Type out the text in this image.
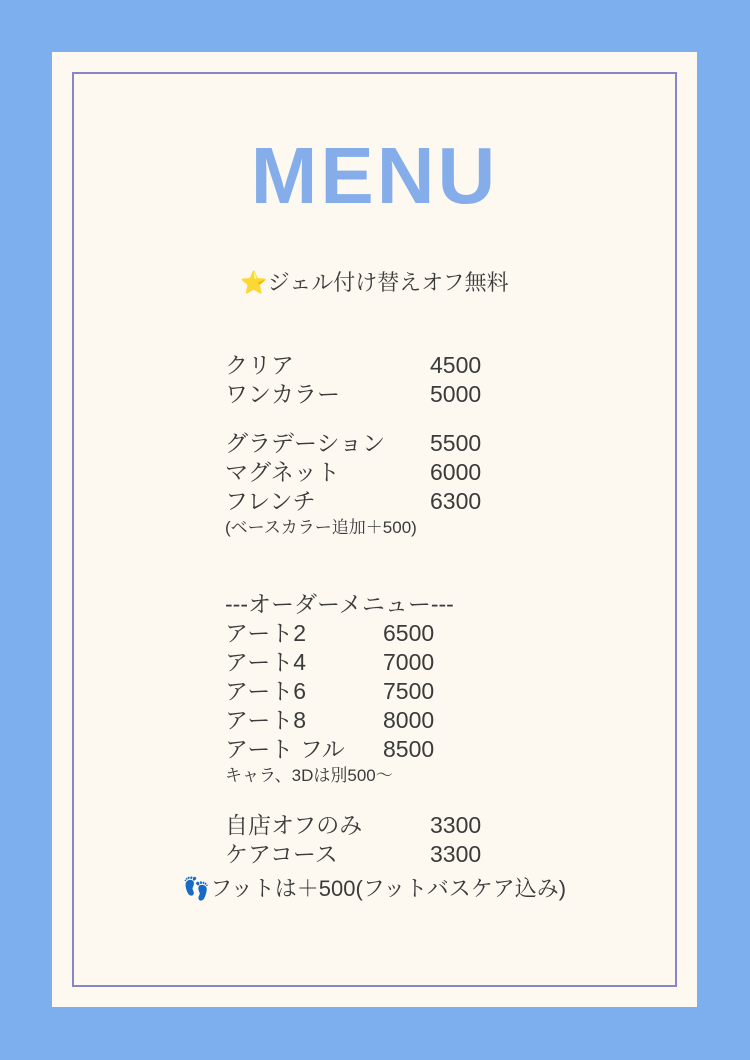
MENU
⭐ジェル付け替えオフ無料
クリア	4500
ワンカラー	5000
グラデーション 5500
マグネット	6000
フレンチ	6300
(ベースカラー追加＋500)
---オーダーメニュー---
アート2	6500
アート4	7000
アート6	7500
アート8	8000
アート フル 8500
キャラ、3Dは別500〜
自店オフのみ	3300
ケアコース	3300
👣フットは＋500(フットバスケア込み)
